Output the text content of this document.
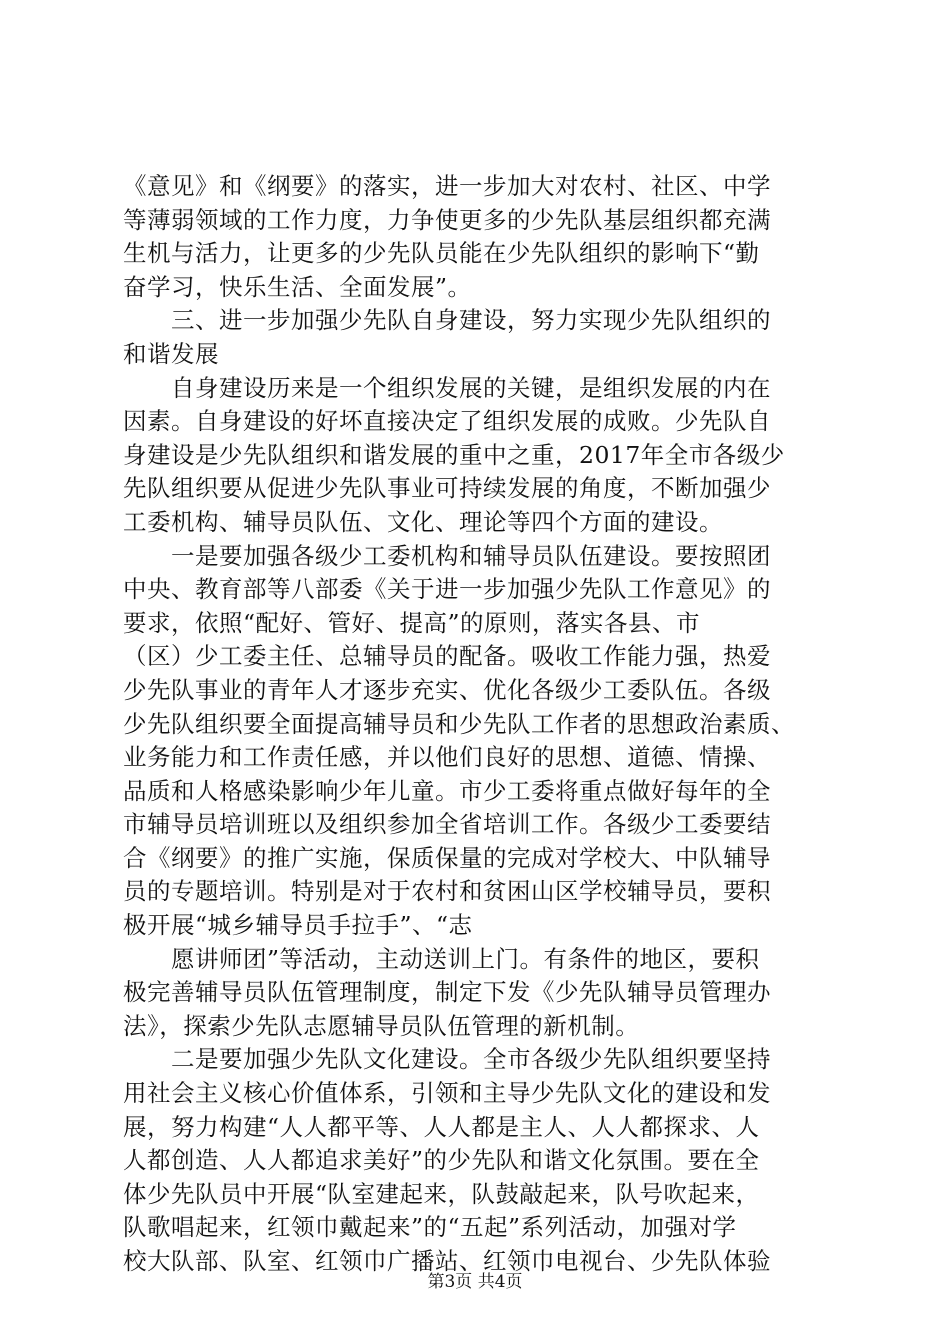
《意见》和《纲要》的落实，进一步加大对农村、社区、中学
等薄弱领域的工作力度，力争使更多的少先队基层组织都充满
生机与活力，让更多的少先队员能在少先队组织的影响下“勤
奋学习，快乐生活、全面发展”。
　　三、进一步加强少先队自身建设，努力实现少先队组织的
和谐发展
　　自身建设历来是一个组织发展的关键，是组织发展的内在
因素。自身建设的好坏直接决定了组织发展的成败。少先队自
身建设是少先队组织和谐发展的重中之重，2017年全市各级少
先队组织要从促进少先队事业可持续发展的角度，不断加强少
工委机构、辅导员队伍、文化、理论等四个方面的建设。
　　一是要加强各级少工委机构和辅导员队伍建设。要按照团
中央、教育部等八部委《关于进一步加强少先队工作意见》的
要求，依照“配好、管好、提高”的原则，落实各县、市
（区）少工委主任、总辅导员的配备。吸收工作能力强，热爱
少先队事业的青年人才逐步充实、优化各级少工委队伍。各级
少先队组织要全面提高辅导员和少先队工作者的思想政治素质、
业务能力和工作责任感，并以他们良好的思想、道德、情操、
品质和人格感染影响少年儿童。市少工委将重点做好每年的全
市辅导员培训班以及组织参加全省培训工作。各级少工委要结
合《纲要》的推广实施，保质保量的完成对学校大、中队辅导
员的专题培训。特别是对于农村和贫困山区学校辅导员，要积
极开展“城乡辅导员手拉手”、“志
　　愿讲师团”等活动，主动送训上门。有条件的地区，要积
极完善辅导员队伍管理制度，制定下发《少先队辅导员管理办
法》，探索少先队志愿辅导员队伍管理的新机制。
　　二是要加强少先队文化建设。全市各级少先队组织要坚持
用社会主义核心价值体系，引领和主导少先队文化的建设和发
展，努力构建“人人都平等、人人都是主人、人人都探求、人
人都创造、人人都追求美好”的少先队和谐文化氛围。要在全
体少先队员中开展“队室建起来，队鼓敲起来，队号吹起来，
队歌唱起来，红领巾戴起来”的“五起”系列活动，加强对学
校大队部、队室、红领巾广播站、红领巾电视台、少先队体验
第3页 共4页
